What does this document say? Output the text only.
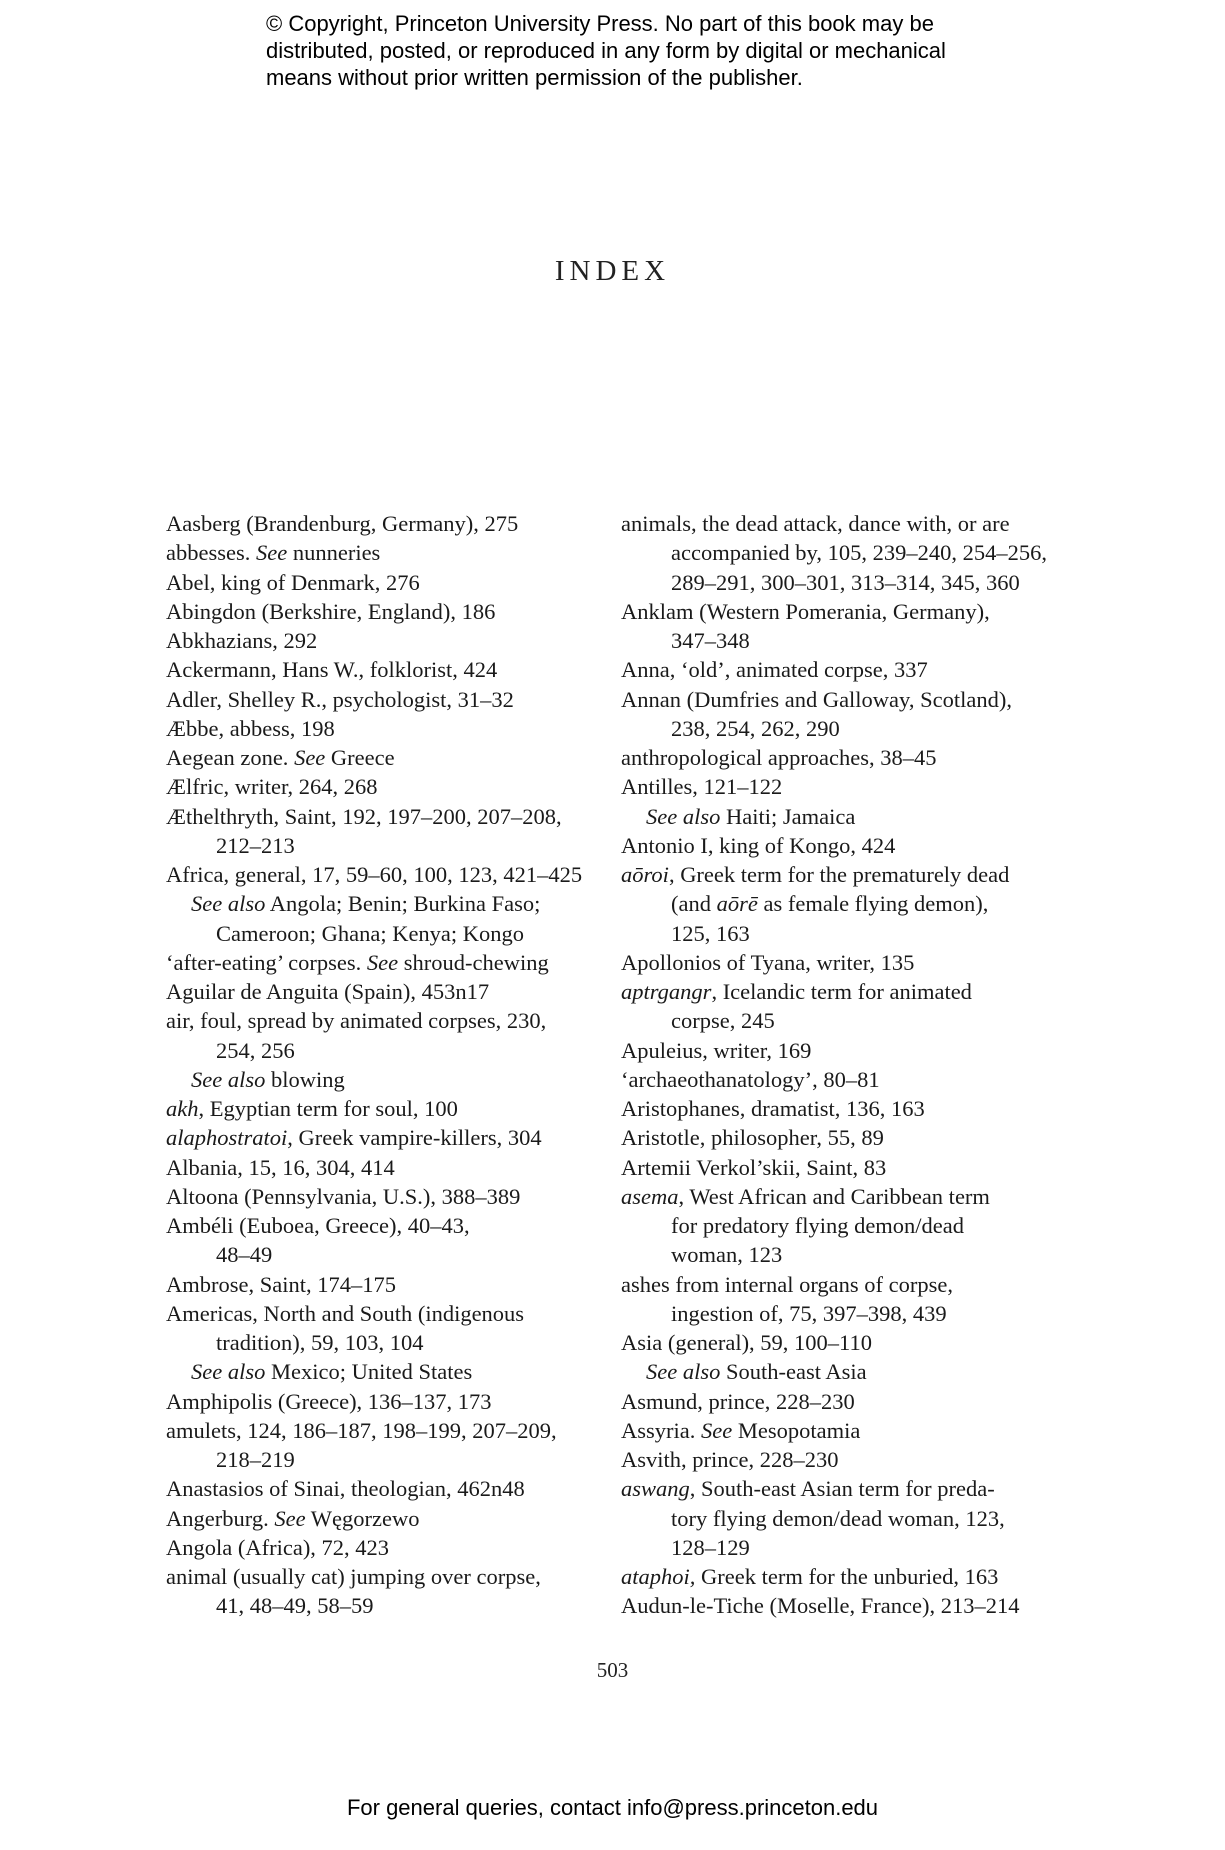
© Copyright, Princeton University Press. No part of this book may be
distributed, posted, or reproduced in any form by digital or mechanical
means without prior written permission of the publisher.
INDEX
Aasberg (Brandenburg, Germany), 275
abbesses. See nunneries
Abel, king of Denmark, 276
Abingdon (Berkshire, England), 186
Abkhazians, 292
Ackermann, Hans W., folklorist, 424
Adler, Shelley R., psychologist, 31–32
Æbbe, abbess, 198
Aegean zone. See Greece
Ælfric, writer, 264, 268
Æthelthryth, Saint, 192, 197–200, 207–208,
212–213
Africa, general, 17, 59–60, 100, 123, 421–425
See also Angola; Benin; Burkina Faso;
Cameroon; Ghana; Kenya; Kongo
‘after-eating’ corpses. See shroud-chewing
Aguilar de Anguita (Spain), 453n17
air, foul, spread by animated corpses, 230,
254, 256
See also blowing
akh, Egyptian term for soul, 100
alaphostratoi, Greek vampire-killers, 304
Albania, 15, 16, 304, 414
Altoona (Pennsylvania, U.S.), 388–389
Ambéli (Euboea, Greece), 40–43,
48–49
Ambrose, Saint, 174–175
Americas, North and South (indigenous
tradition), 59, 103, 104
See also Mexico; United States
Amphipolis (Greece), 136–137, 173
amulets, 124, 186–187, 198–199, 207–209,
218–219
Anastasios of Sinai, theologian, 462n48
Angerburg. See Węgorzewo
Angola (Africa), 72, 423
animal (usually cat) jumping over corpse,
41, 48–49, 58–59
animals, the dead attack, dance with, or are
accompanied by, 105, 239–240, 254–256,
289–291, 300–301, 313–314, 345, 360
Anklam (Western Pomerania, Germany),
347–348
Anna, ‘old’, animated corpse, 337
Annan (Dumfries and Galloway, Scotland),
238, 254, 262, 290
anthropological approaches, 38–45
Antilles, 121–122
See also Haiti; Jamaica
Antonio I, king of Kongo, 424
aōroi, Greek term for the prematurely dead
(and aōrē as female flying demon),
125, 163
Apollonios of Tyana, writer, 135
aptrgangr, Icelandic term for animated
corpse, 245
Apuleius, writer, 169
‘archaeothanatology’, 80–81
Aristophanes, dramatist, 136, 163
Aristotle, philosopher, 55, 89
Artemii Verkol’skii, Saint, 83
asema, West African and Caribbean term
for predatory flying demon/dead
woman, 123
ashes from internal organs of corpse,
ingestion of, 75, 397–398, 439
Asia (general), 59, 100–110
See also South-east Asia
Asmund, prince, 228–230
Assyria. See Mesopotamia
Asvith, prince, 228–230
aswang, South-east Asian term for preda-
tory flying demon/dead woman, 123,
128–129
ataphoi, Greek term for the unburied, 163
Audun-le-Tiche (Moselle, France), 213–214
503
For general queries, contact info@press.princeton.edu
